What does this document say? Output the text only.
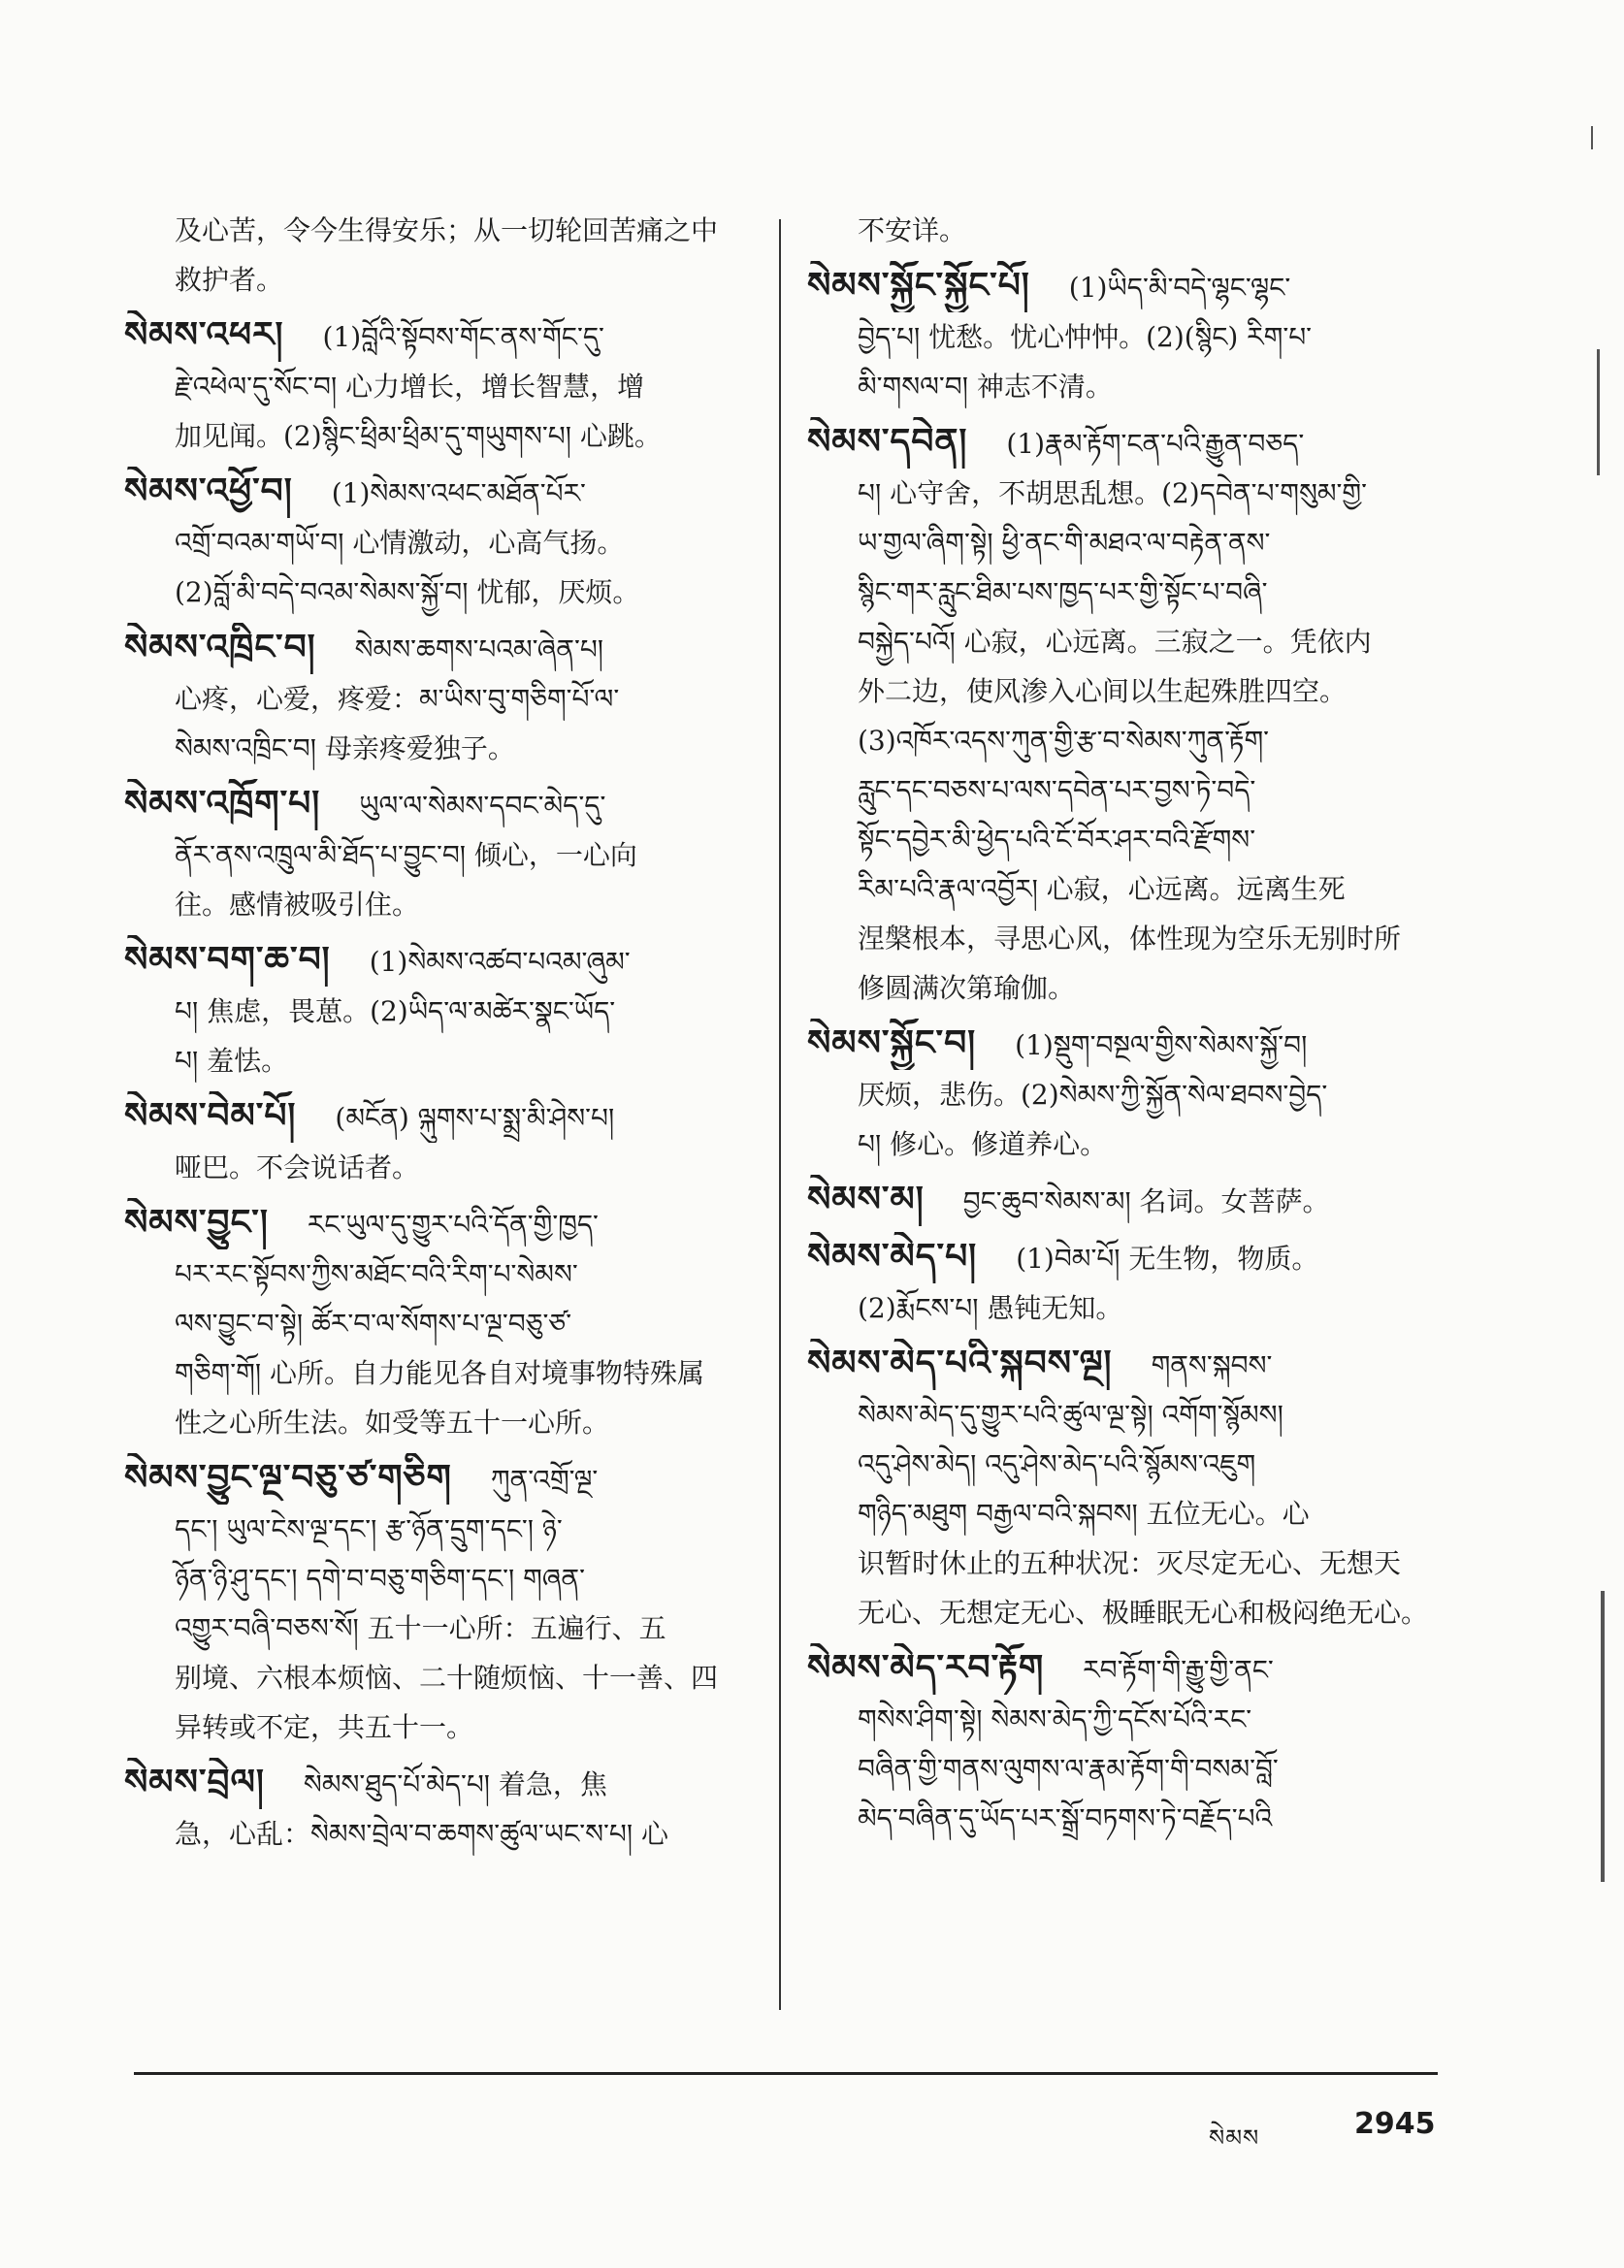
及心苦，令今生得安乐；从一切轮回苦痛之中
救护者。
སེམས་འཕར། (1)བློའི་སྟོབས་གོང་ནས་གོང་དུ་
རྗེ་འཕེལ་དུ་སོང་བ། 心力增长，增长智慧，增
加见闻。(2)སྙིང་ཕྲིམ་ཕྲིམ་དུ་གཡུགས་པ། 心跳。
སེམས་འཕྱོ་བ། (1)སེམས་འཕང་མཐོན་པོར་
འགྲོ་བའམ་གཡོ་བ། 心情激动，心高气扬。
(2)བློ་མི་བདེ་བའམ་སེམས་སྐྱོ་བ། 忧郁，厌烦。
སེམས་འཁྲིང་བ། སེམས་ཆགས་པའམ་ཞེན་པ།
心疼，心爱，疼爱：མ་ཡིས་བུ་གཅིག་པོ་ལ་
སེམས་འཁྲིང་བ། 母亲疼爱独子。
སེམས་འཁྲོག་པ། ཡུལ་ལ་སེམས་དབང་མེད་དུ་
ནོར་ནས་འཁྲུལ་མི་ཐོད་པ་བྱུང་བ། 倾心，一心向
往。感情被吸引住。
སེམས་བག་ཆ་བ། (1)སེམས་འཚབ་པའམ་ཞུམ་
པ། 焦虑，畏葸。(2)ཡིད་ལ་མཚེར་སྣང་ཡོད་
པ། 羞怯。
སེམས་བེམ་པོ། (མངོན) ལྐུགས་པ་སྨྲ་མི་ཤེས་པ།
哑巴。不会说话者。
སེམས་བྱུང་། རང་ཡུལ་དུ་གྱུར་པའི་དོན་གྱི་ཁྱད་
པར་རང་སྟོབས་ཀྱིས་མཐོང་བའི་རིག་པ་སེམས་
ལས་བྱུང་བ་སྟེ། ཚོར་བ་ལ་སོགས་པ་ལྔ་བཅུ་ཙ་
གཅིག་གོ། 心所。自力能见各自对境事物特殊属
性之心所生法。如受等五十一心所。
སེམས་བྱུང་ལྔ་བཅུ་ཙ་གཅིག ཀུན་འགྲོ་ལྔ་
དང་། ཡུལ་ངེས་ལྔ་དང་། རྩ་ཉོན་དྲུག་དང་། ཉེ་
ཉོན་ཉི་ཤུ་དང་། དགེ་བ་བཅུ་གཅིག་དང་། གཞན་
འགྱུར་བཞི་བཅས་སོ། 五十一心所：五遍行、五
别境、六根本烦恼、二十随烦恼、十一善、四
异转或不定，共五十一。
སེམས་བྲེལ། སེམས་ཐུད་པོ་མེད་པ། 着急，焦
急，心乱：སེམས་བྲེལ་བ་ཆགས་ཚུལ་ཡང་ས་པ། 心
不安详。
སེམས་སྐྱོང་སྐྱོང་པོ། (1)ཡིད་མི་བདེ་ལྷང་ལྷང་
བྱེད་པ། 忧愁。忧心忡忡。(2)(སྙིང) རིག་པ་
མི་གསལ་བ། 神志不清。
སེམས་དབེན། (1)རྣམ་རྟོག་ངན་པའི་རྒྱུན་བཅད་
པ། 心守舍，不胡思乱想。(2)དབེན་པ་གསུམ་གྱི་
ཡ་གྱལ་ཞིག་སྟེ། ཕྱི་ནང་གི་མཐའ་ལ་བརྟེན་ནས་
སྙིང་གར་རླུང་ཐིམ་པས་ཁྱད་པར་གྱི་སྟོང་པ་བཞི་
བསྐྱེད་པའོ། 心寂，心远离。三寂之一。凭依内
外二边，使风渗入心间以生起殊胜四空。
(3)འཁོར་འདས་ཀུན་གྱི་རྩ་བ་སེམས་ཀུན་རྟོག་
རླུང་དང་བཅས་པ་ལས་དབེན་པར་བྱས་ཏེ་བདེ་
སྟོང་དབྱེར་མི་ཕྱེད་པའི་ངོ་བོར་ཤར་བའི་རྫོགས་
རིམ་པའི་རྣལ་འབྱོར། 心寂，心远离。远离生死
涅槃根本，寻思心风，体性现为空乐无别时所
修圆满次第瑜伽。
སེམས་སྐྱོང་བ། (1)སྡུག་བསྔལ་གྱིས་སེམས་སྐྱོ་བ།
厌烦，悲伤。(2)སེམས་ཀྱི་སྐྱོན་སེལ་ཐབས་བྱེད་
པ། 修心。修道养心。
སེམས་མ། བྱང་ཆུབ་སེམས་མ། 名词。女菩萨。
སེམས་མེད་པ། (1)བེམ་པོ། 无生物，物质。
(2)རྨོངས་པ། 愚钝无知。
སེམས་མེད་པའི་སྐབས་ལྔ། གནས་སྐབས་
སེམས་མེད་དུ་གྱུར་པའི་ཚུལ་ལྔ་སྟེ། འགོག་སྙོམས།
འདུ་ཤེས་མེད། འདུ་ཤེས་མེད་པའི་སྙོམས་འཇུག
གཉིད་མཐུག བརྒྱལ་བའི་སྐབས། 五位无心。心
识暂时休止的五种状况：灭尽定无心、无想天
无心、无想定无心、极睡眠无心和极闷绝无心。
སེམས་མེད་རབ་རྟོག རབ་རྟོག་གི་རྒྱུ་གྱི་ནང་
གསེས་ཤིག་སྟེ། སེམས་མེད་ཀྱི་དངོས་པོའི་རང་
བཞིན་གྱི་གནས་ལུགས་ལ་རྣམ་རྟོག་གི་བསམ་བློ་
མེད་བཞིན་དུ་ཡོད་པར་སྒྲོ་བཏགས་ཏེ་བརྗོད་པའི
སེམས	2945
